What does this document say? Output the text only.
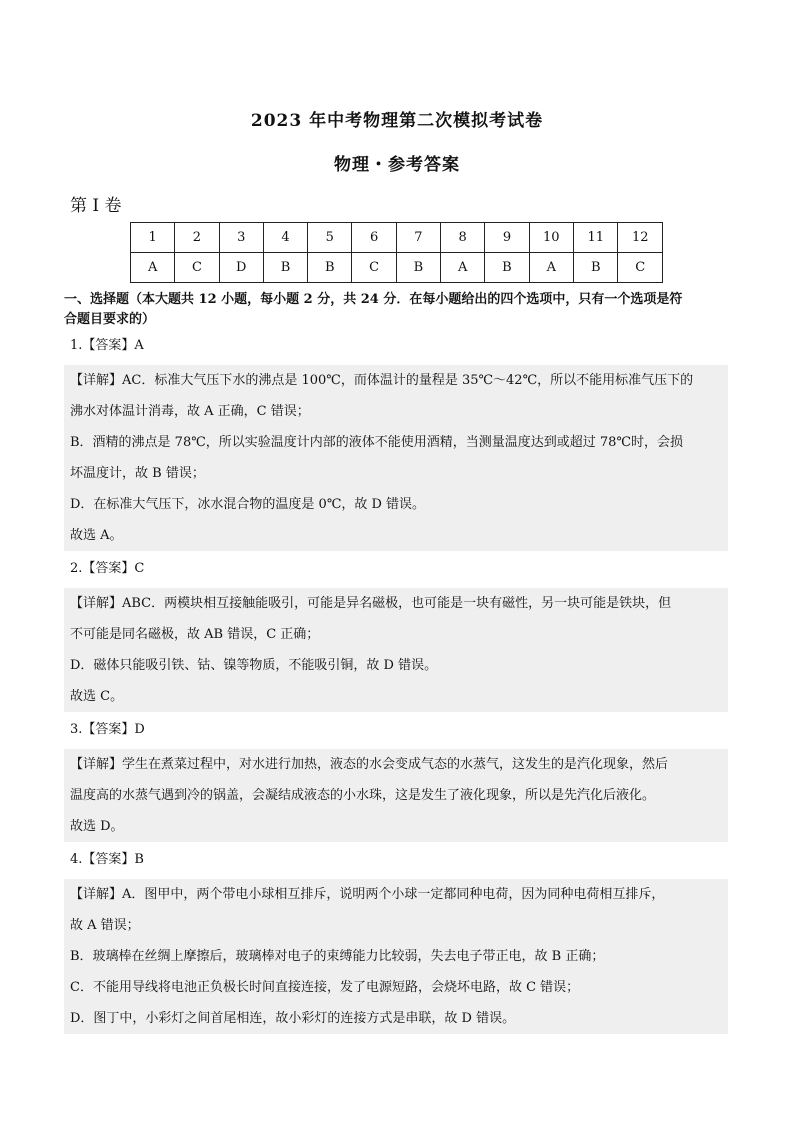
2023 年中考物理第二次模拟考试卷
物理・参考答案
第 I 卷
1	2	3	4	5	6	7	8	9	10	11	12
A	C	D	B	B	C	B	A	B	A	B	C
一、选择题（本大题共 12 小题，每小题 2 分，共 24 分．在每小题给出的四个选项中，只有一个选项是符
合题目要求的）
1.【答案】A
【详解】AC．标准大气压下水的沸点是 100℃，而体温计的量程是 35℃～42℃，所以不能用标准气压下的
沸水对体温计消毒，故 A 正确，C 错误；
B．酒精的沸点是 78℃，所以实验温度计内部的液体不能使用酒精，当测量温度达到或超过 78℃时，会损
坏温度计，故 B 错误；
D．在标准大气压下，冰水混合物的温度是 0℃，故 D 错误。
故选 A。
2.【答案】C
【详解】ABC．两模块相互接触能吸引，可能是异名磁极，也可能是一块有磁性，另一块可能是铁块，但
不可能是同名磁极，故 AB 错误，C 正确；
D．磁体只能吸引铁、钴、镍等物质，不能吸引铜，故 D 错误。
故选 C。
3.【答案】D
【详解】学生在煮菜过程中，对水进行加热，液态的水会变成气态的水蒸气，这发生的是汽化现象，然后
温度高的水蒸气遇到冷的锅盖，会凝结成液态的小水珠，这是发生了液化现象，所以是先汽化后液化。
故选 D。
4.【答案】B
【详解】A．图甲中，两个带电小球相互排斥，说明两个小球一定都同种电荷，因为同种电荷相互排斥，
故 A 错误；
B．玻璃棒在丝绸上摩擦后，玻璃棒对电子的束缚能力比较弱，失去电子带正电，故 B 正确；
C．不能用导线将电池正负极长时间直接连接，发了电源短路，会烧坏电路，故 C 错误；
D．图丁中，小彩灯之间首尾相连，故小彩灯的连接方式是串联，故 D 错误。
